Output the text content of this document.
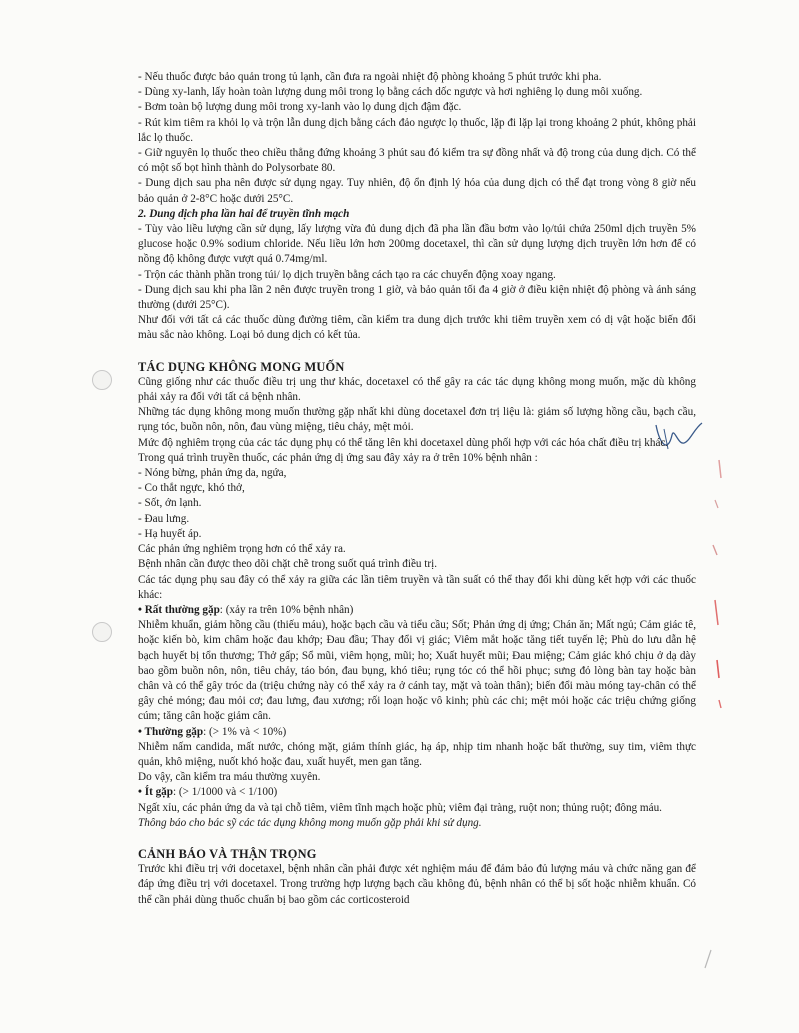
- Nếu thuốc được bảo quản trong tủ lạnh, cần đưa ra ngoài nhiệt độ phòng khoảng 5 phút trước khi pha.

- Dùng xy-lanh, lấy hoàn toàn lượng dung môi trong lọ bằng cách dốc ngược và hơi nghiêng lọ dung môi xuống.

- Bơm toàn bộ lượng dung môi trong xy-lanh vào lọ dung dịch đậm đặc.

- Rút kim tiêm ra khỏi lọ và trộn lẫn dung dịch bằng cách đảo ngược lọ thuốc, lặp đi lặp lại trong khoảng 2 phút, không phải lắc lọ thuốc.

- Giữ nguyên lọ thuốc theo chiều thẳng đứng khoảng 3 phút sau đó kiểm tra sự đồng nhất và độ trong của dung dịch. Có thể có một số bọt hình thành do Polysorbate 80.

- Dung dịch sau pha nên được sử dụng ngay. Tuy nhiên, độ ổn định lý hóa của dung dịch có thể đạt trong vòng 8 giờ nếu bảo quản ở 2-8°C hoặc dưới 25°C.

2. Dung dịch pha lần hai để truyền tĩnh mạch

- Tùy vào liều lượng cần sử dụng, lấy lượng vừa đủ dung dịch đã pha lần đầu bơm vào lọ/túi chứa 250ml dịch truyền 5% glucose hoặc 0.9% sodium chloride. Nếu liều lớn hơn 200mg docetaxel, thì cần sử dụng lượng dịch truyền lớn hơn để có nồng độ không được vượt quá 0.74mg/ml.

- Trộn các thành phần trong túi/ lọ dịch truyền bằng cách tạo ra các chuyển động xoay ngang.

- Dung dịch sau khi pha lần 2 nên được truyền trong 1 giờ, và bảo quản tối đa 4 giờ ở điều kiện nhiệt độ phòng và ánh sáng thường (dưới 25°C).

Như đối với tất cả các thuốc dùng đường tiêm, cần kiểm tra dung dịch trước khi tiêm truyền xem có dị vật hoặc biến đổi màu sắc nào không. Loại bỏ dung dịch có kết tủa.

TÁC DỤNG KHÔNG MONG MUỐN

Cũng giống như các thuốc điều trị ung thư khác, docetaxel có thể gây ra các tác dụng không mong muốn, mặc dù không phải xảy ra đối với tất cả bệnh nhân.

Những tác dụng không mong muốn thường gặp nhất khi dùng docetaxel đơn trị liệu là: giảm số lượng hồng cầu, bạch cầu, rụng tóc, buồn nôn, nôn, đau vùng miệng, tiêu chảy, mệt mỏi.

Mức độ nghiêm trọng của các tác dụng phụ có thể tăng lên khi docetaxel dùng phối hợp với các hóa chất điều trị khác.

Trong quá trình truyền thuốc, các phản ứng dị ứng sau đây xảy ra ở trên 10% bệnh nhân :

- Nóng bừng, phản ứng da, ngứa,

- Co thắt ngực, khó thở,

- Sốt, ớn lạnh.

- Đau lưng.

- Hạ huyết áp.

Các phản ứng nghiêm trọng hơn có thể xảy ra.

Bệnh nhân cần được theo dõi chặt chẽ trong suốt quá trình điều trị.

Các tác dụng phụ sau đây có thể xảy ra giữa các lần tiêm truyền và tần suất có thể thay đổi khi dùng kết hợp với các thuốc khác:

• Rất thường gặp: (xảy ra trên 10% bệnh nhân)

Nhiễm khuẩn, giảm hồng cầu (thiếu máu), hoặc bạch cầu và tiểu cầu; Sốt; Phản ứng dị ứng; Chán ăn; Mất ngủ; Cảm giác tê, hoặc kiến bò, kim châm hoặc đau khớp; Đau đầu; Thay đổi vị giác; Viêm mắt hoặc tăng tiết tuyến lệ; Phù do lưu dẫn hệ bạch huyết bị tổn thương; Thở gấp; Sổ mũi, viêm họng, mũi; ho; Xuất huyết mũi; Đau miệng; Cảm giác khó chịu ở dạ dày bao gồm buồn nôn, nôn, tiêu chảy, táo bón, đau bụng, khó tiêu; rụng tóc có thể hồi phục; sưng đỏ lòng bàn tay hoặc bàn chân và có thể gây tróc da (triệu chứng này có thể xảy ra ở cánh tay, mặt và toàn thân); biến đổi màu móng tay-chân có thể gây chẻ móng; đau mỏi cơ; đau lưng, đau xương; rối loạn hoặc vô kinh; phù các chi; mệt mỏi hoặc các triệu chứng giống cúm; tăng cân hoặc giảm cân.

• Thường gặp: (> 1% và < 10%)

Nhiễm nấm candida, mất nước, chóng mặt, giảm thính giác, hạ áp, nhịp tim nhanh hoặc bất thường, suy tim, viêm thực quản, khô miệng, nuốt khó hoặc đau, xuất huyết, men gan tăng.

Do vậy, cần kiểm tra máu thường xuyên.

• Ít gặp: (> 1/1000 và < 1/100)

Ngất xỉu, các phản ứng da và tại chỗ tiêm, viêm tĩnh mạch hoặc phù; viêm đại tràng, ruột non; thủng ruột; đông máu.

Thông báo cho bác sỹ các tác dụng không mong muốn gặp phải khi sử dụng.

CẢNH BÁO VÀ THẬN TRỌNG

Trước khi điều trị với docetaxel, bệnh nhân cần phải được xét nghiệm máu để đảm bảo đủ lượng máu và chức năng gan để đáp ứng điều trị với docetaxel. Trong trường hợp lượng bạch cầu không đủ, bệnh nhân có thể bị sốt hoặc nhiễm khuẩn. Có thể cần phải dùng thuốc chuẩn bị bao gồm các corticosteroid
